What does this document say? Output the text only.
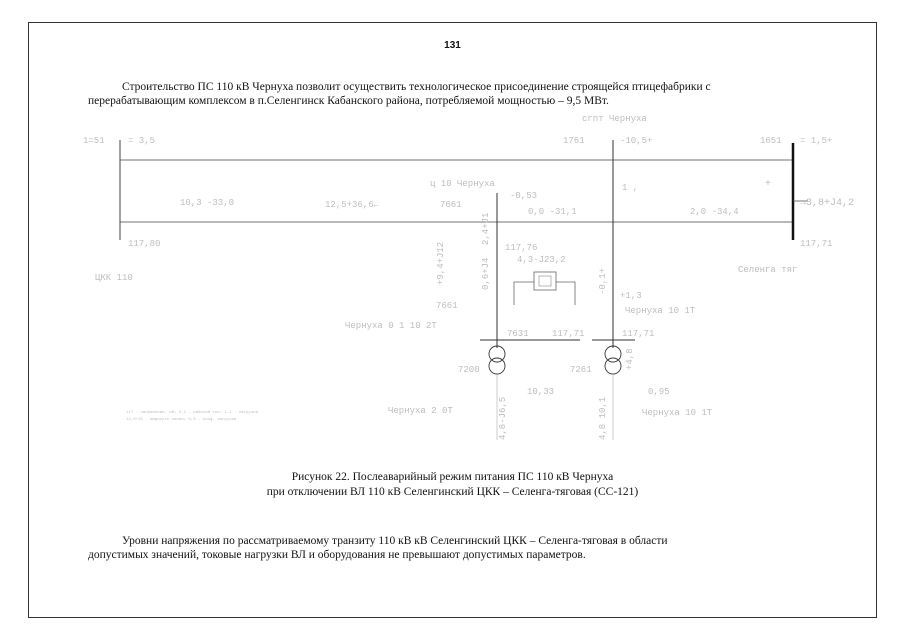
131

Строительство ПС 110 кВ Чернуха позволит осуществить технологическое присоединение строящейся птицефабрики с
перерабатывающим комплексом в п.Селенгинск Кабанского района, потребляемой мощностью – 9,5 МВт.

→3,8+J4,2
+
сгпт Чернуха
1=51	= 3,5	1761	-10,5+	1651 = 1,5+
ц 10 Чернуха	1 ,
10,3 -33,0	12,5+36,6←	7661
-0,53
0,0 -31,1	2,0 -34,4
117,80
ЦКК 110
117,71
Селенга тяг
117,76
4,3-J23,2
+9,4+J12	0,6+J4	-0,1+
2,4+J1
7661
Чернуха 0 1 10 2Т
+1,3
Чернуха 10 1Т
7631	117,71	117,71
7200	7261	+4,8
10,33	0,95
4,8-J6,5	4,8 10,1
Чернуха 2 0Т	Чернуха 10 1Т
117 - напряжение, кВ; 2-1 - рабочий ток; 1-1 - нагрузка
12,0+J5 - мощность линии; 0,0 - коэф. загрузки
Рисунок 22. Послеаварийный режим питания ПС 110 кВ Чернуха
при отключении ВЛ 110 кВ Селенгинский ЦКК – Селенга-тяговая (СС-121)

Уровни напряжения по рассматриваемому транзиту 110 кВ кВ Селенгинский ЦКК – Селенга-тяговая в области
допустимых значений, токовые нагрузки ВЛ и оборудования не превышают допустимых параметров.
